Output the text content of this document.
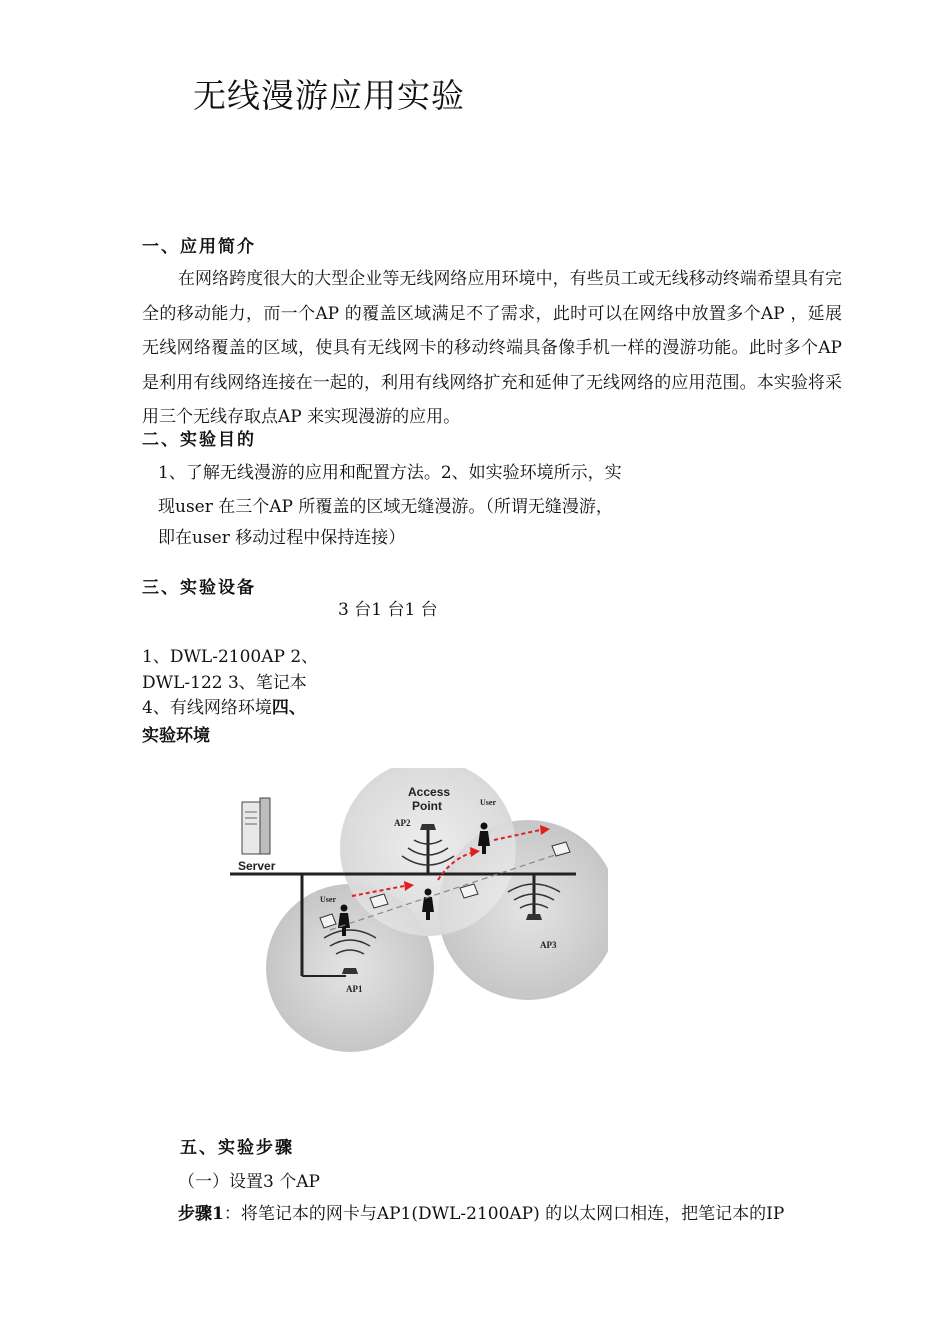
无线漫游应用实验
一、应用简介
在网络跨度很大的大型企业等无线网络应用环境中，有些员工或无线移动终端希望具有完全的移动能力，而一个AP 的覆盖区域满足不了需求，此时可以在网络中放置多个AP ，延展无线网络覆盖的区域，使具有无线网卡的移动终端具备像手机一样的漫游功能。此时多个AP 是利用有线网络连接在一起的，利用有线网络扩充和延伸了无线网络的应用范围。本实验将采用三个无线存取点AP 来实现漫游的应用。
二、实验目的
1、了解无线漫游的应用和配置方法。2、如实验环境所示，实
现user 在三个AP 所覆盖的区域无缝漫游。（所谓无缝漫游，
即在user 移动过程中保持连接）
三、实验设备
3 台1 台1 台
1、DWL-2100AP 2、
DWL-122 3、笔记本
4、有线网络环境四、
实验环境
Server
Access
Point
AP2
AP1
AP3
User
User
五、实验步骤
（一）设置3 个AP
步骤1：将笔记本的网卡与AP1(DWL-2100AP) 的以太网口相连，把笔记本的IP
